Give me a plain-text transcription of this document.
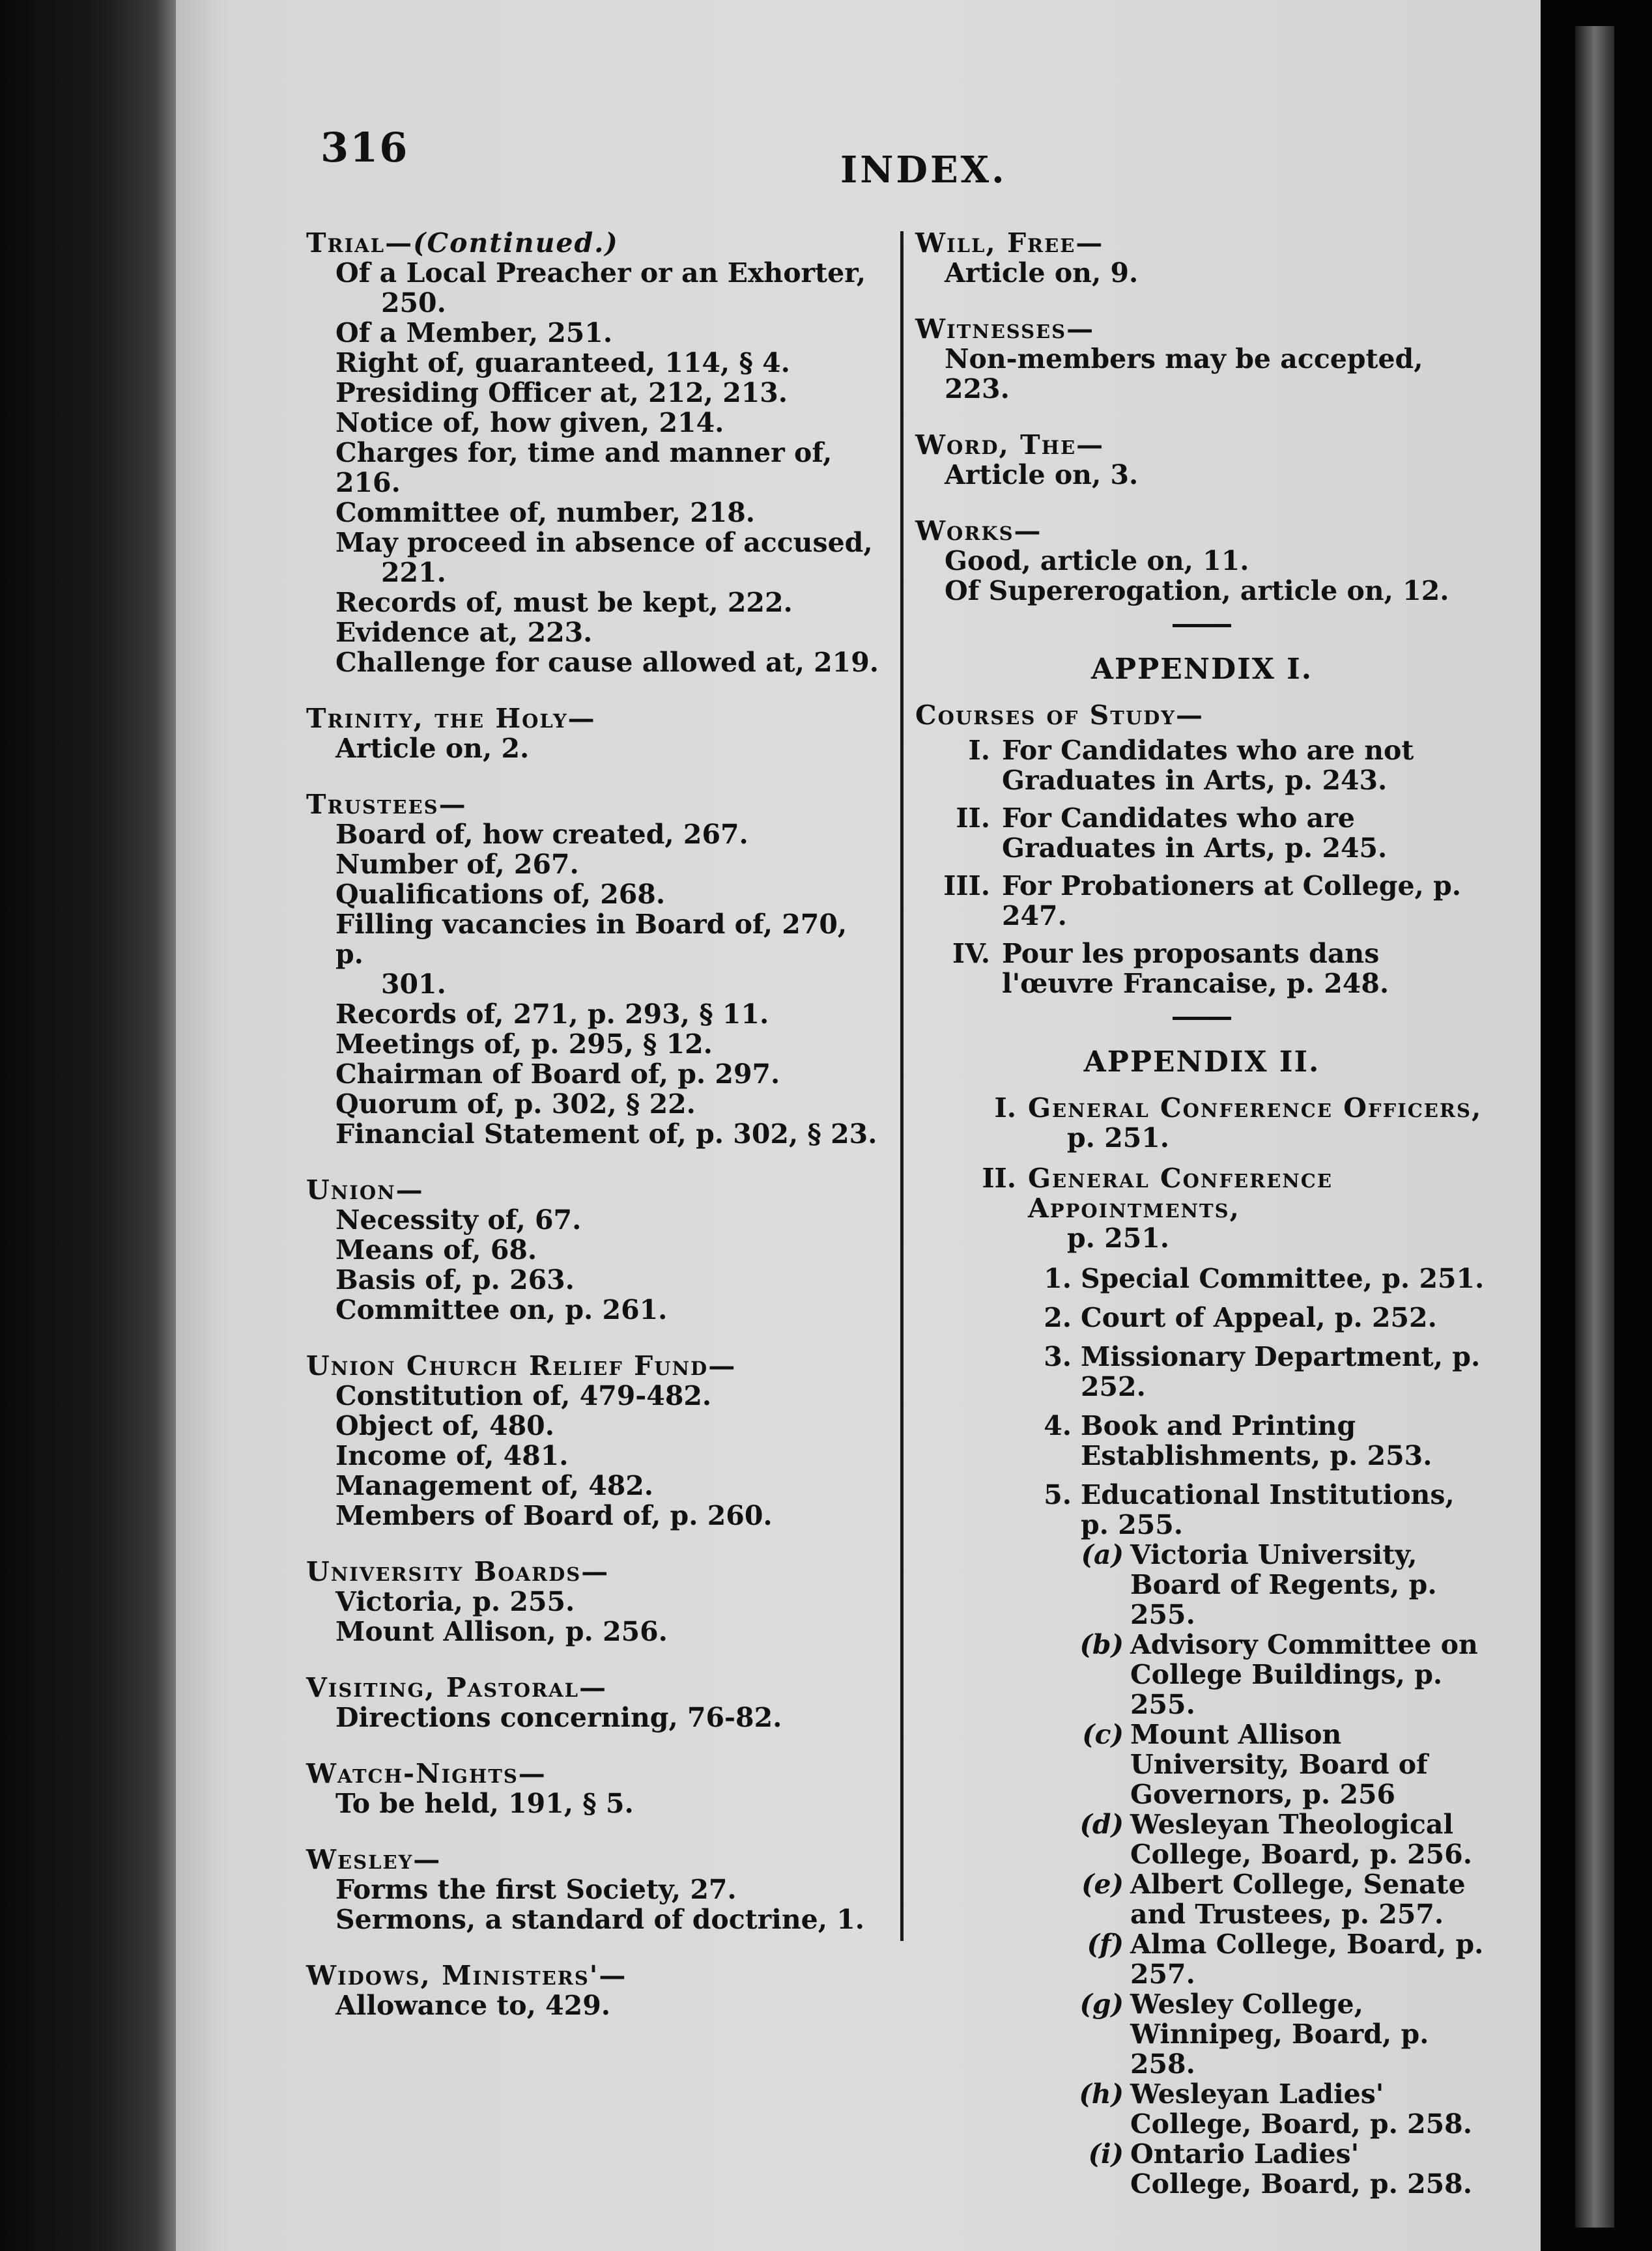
316	INDEX.
Trial—(Continued.)
Of a Local Preacher or an Exhorter,
250.
Of a Member, 251.
Right of, guaranteed, 114, § 4.
Presiding Officer at, 212, 213.
Notice of, how given, 214.
Charges for, time and manner of, 216.
Committee of, number, 218.
May proceed in absence of accused,
221.
Records of, must be kept, 222.
Evidence at, 223.
Challenge for cause allowed at, 219.
Trinity, the Holy—
Article on, 2.
Trustees—
Board of, how created, 267.
Number of, 267.
Qualifications of, 268.
Filling vacancies in Board of, 270, p.
301.
Records of, 271, p. 293, § 11.
Meetings of, p. 295, § 12.
Chairman of Board of, p. 297.
Quorum of, p. 302, § 22.
Financial Statement of, p. 302, § 23.
Union—
Necessity of, 67.
Means of, 68.
Basis of, p. 263.
Committee on, p. 261.
Union Church Relief Fund—
Constitution of, 479-482.
Object of, 480.
Income of, 481.
Management of, 482.
Members of Board of, p. 260.
University Boards—
Victoria, p. 255.
Mount Allison, p. 256.
Visiting, Pastoral—
Directions concerning, 76-82.
Watch-Nights—
To be held, 191, § 5.
Wesley—
Forms the first Society, 27.
Sermons, a standard of doctrine, 1.
Widows, Ministers'—
Allowance to, 429.
Will, Free—
Article on, 9.
Witnesses—
Non-members may be accepted, 223.
Word, The—
Article on, 3.
Works—
Good, article on, 11.
Of Supererogation, article on, 12.
APPENDIX I.
Courses of Study—
I. For Candidates who are not Graduates in Arts, p. 243.
II. For Candidates who are Graduates in Arts, p. 245.
III. For Probationers at College, p. 247.
IV. Pour les proposants dans l'œuvre Francaise, p. 248.
APPENDIX II.
I. General Conference Officers,
p. 251.
II. General Conference Appointments,
p. 251.
1. Special Committee, p. 251.
2. Court of Appeal, p. 252.
3. Missionary Department, p. 252.
4. Book and Printing Establishments, p. 253.
5. Educational Institutions, p. 255.
(a) Victoria University, Board of Regents, p. 255.
(b) Advisory Committee on College Buildings, p. 255.
(c) Mount Allison University, Board of Governors, p. 256
(d) Wesleyan Theological College, Board, p. 256.
(e) Albert College, Senate and Trustees, p. 257.
(f) Alma College, Board, p. 257.
(g) Wesley College, Winnipeg, Board, p. 258.
(h) Wesleyan Ladies' College, Board, p. 258.
(i) Ontario Ladies' College, Board, p. 258.
